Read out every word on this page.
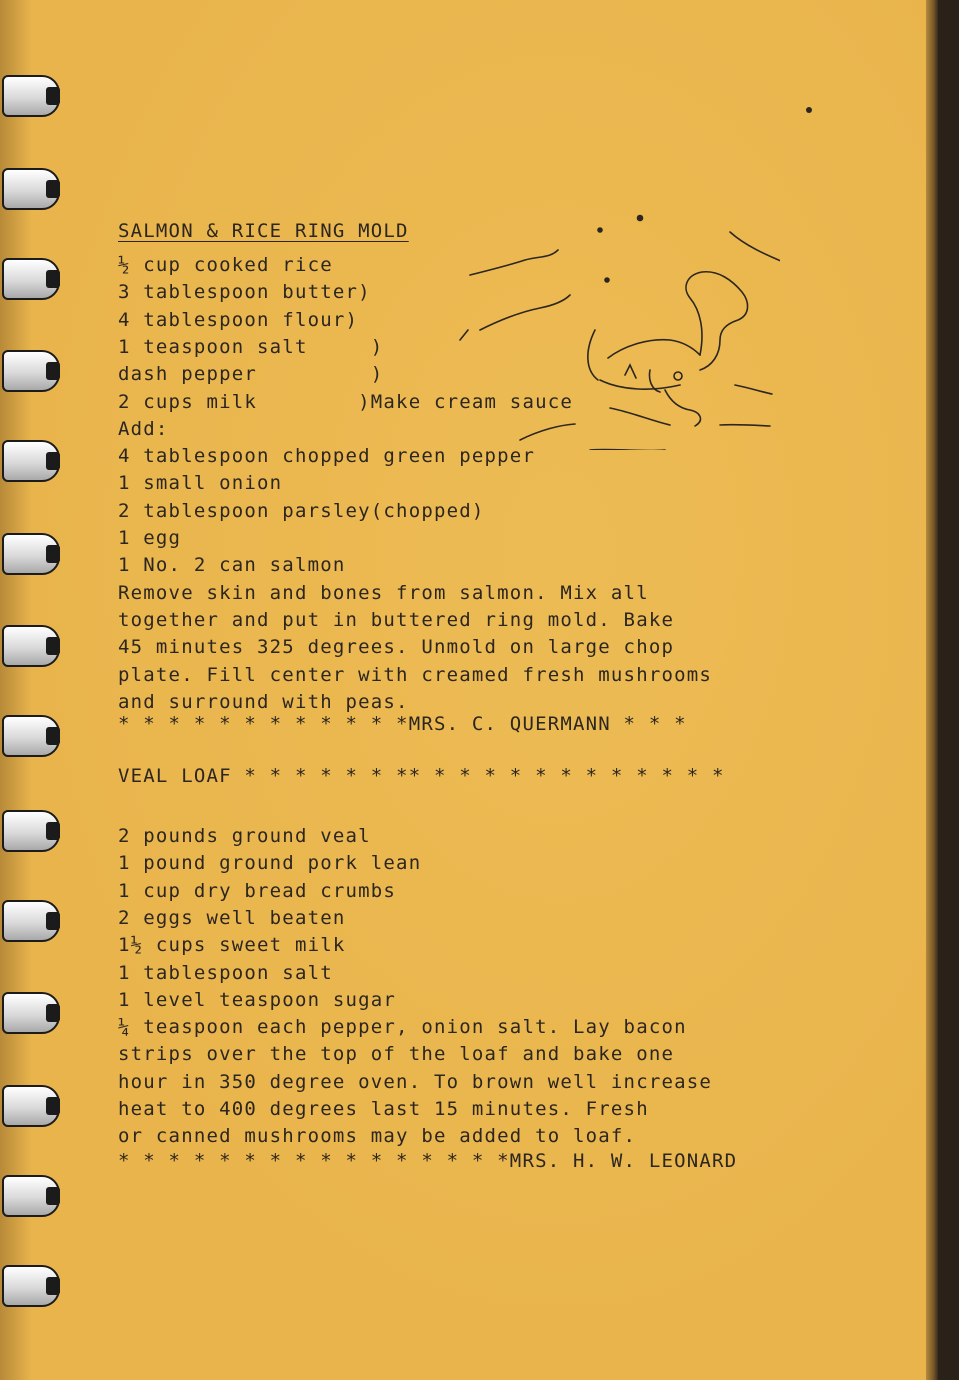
SALMON & RICE RING MOLD

½ cup cooked rice
3 tablespoon butter)
4 tablespoon flour)
1 teaspoon salt     )
dash pepper         )
2 cups milk        )Make cream sauce
Add:
4 tablespoon chopped green pepper
1 small onion
2 tablespoon parsley(chopped)
1 egg
1 No. 2 can salmon
Remove skin and bones from salmon. Mix all
together and put in buttered ring mold. Bake
45 minutes 325 degrees. Unmold on large chop
plate. Fill center with creamed fresh mushrooms
and surround with peas.

* * * * * * * * * * * *MRS. C. QUERMANN * * *

VEAL LOAF * * * * * * ** * * * * * * * * * * * *

2 pounds ground veal
1 pound ground pork lean
1 cup dry bread crumbs
2 eggs well beaten
1½ cups sweet milk
1 tablespoon salt
1 level teaspoon sugar
¼ teaspoon each pepper, onion salt. Lay bacon
strips over the top of the loaf and bake one
hour in 350 degree oven. To brown well increase
heat to 400 degrees last 15 minutes. Fresh
or canned mushrooms may be added to loaf.

* * * * * * * * * * * * * * * *MRS. H. W. LEONARD
